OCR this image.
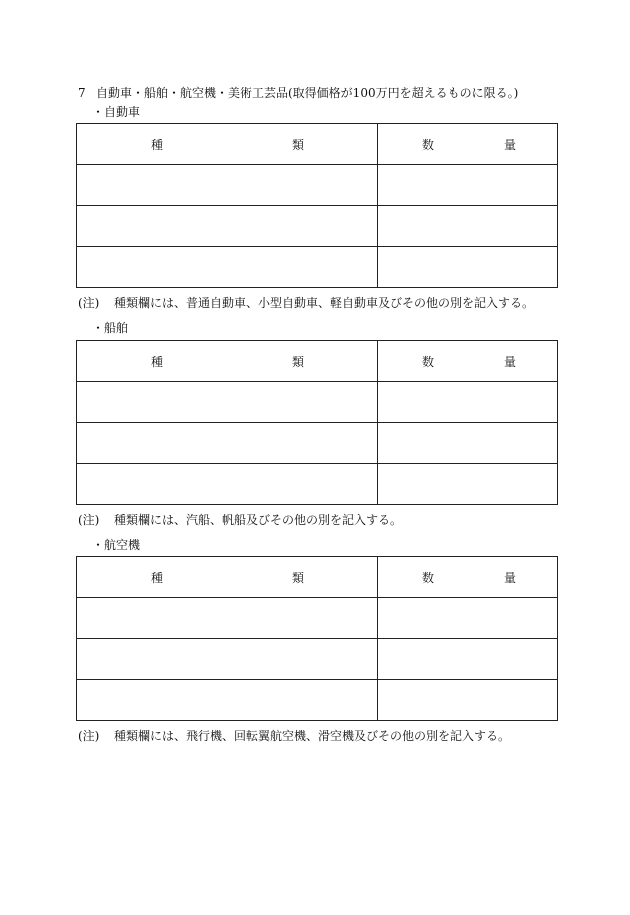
7 自動車・船舶・航空機・美術工芸品(取得価格が100万円を超えるものに限る。)
・自動車
種 類	数 量

(注) 種類欄には、普通自動車、小型自動車、軽自動車及びその他の別を記入する。
・船舶
種 類	数 量

(注) 種類欄には、汽船、帆船及びその他の別を記入する。
・航空機
種 類	数 量

(注) 種類欄には、飛行機、回転翼航空機、滑空機及びその他の別を記入する。
